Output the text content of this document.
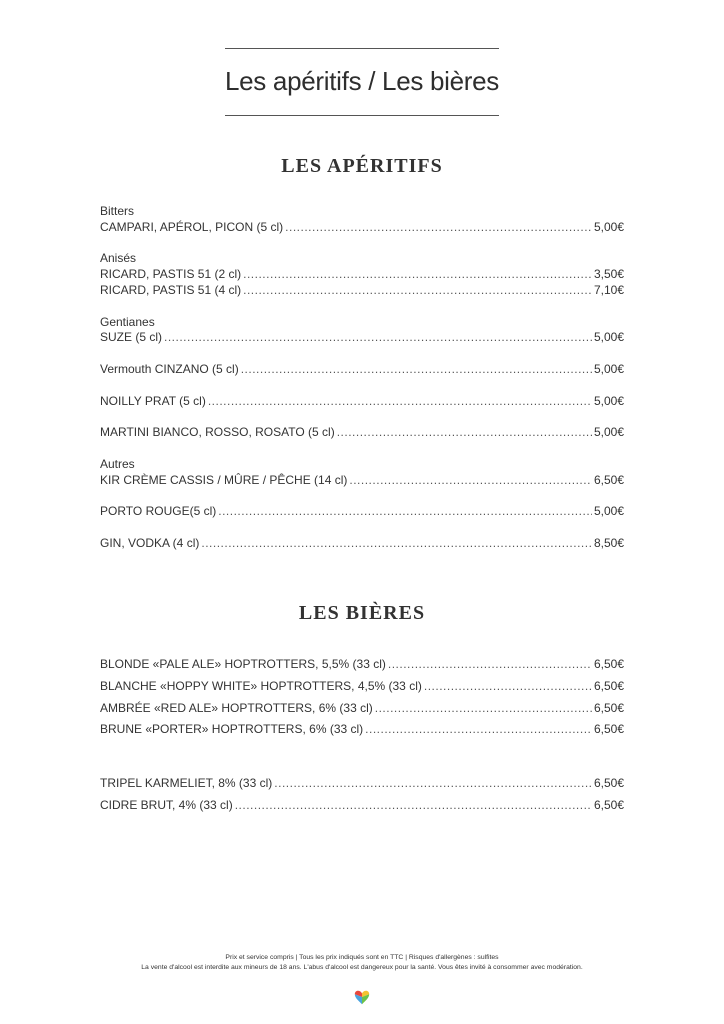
Les apéritifs / Les bières
LES APÉRITIFS
Bitters
CAMPARI, APÉROL, PICON (5 cl) .....	5,00€
Anisés
RICARD, PASTIS 51 (2 cl) .....	3,50€
RICARD, PASTIS 51 (4 cl) .....	7,10€
Gentianes
SUZE (5 cl) .....	5,00€
Vermouth CINZANO (5 cl) .....	5,00€
NOILLY PRAT (5 cl) .....	5,00€
MARTINI BIANCO, ROSSO, ROSATO (5 cl) .....	5,00€
Autres
KIR CRÈME CASSIS / MÛRE / PÊCHE (14 cl) .....	6,50€
PORTO ROUGE(5 cl) .....	5,00€
GIN, VODKA (4 cl) .....	8,50€
LES BIÈRES
BLONDE «PALE ALE» HOPTROTTERS, 5,5% (33 cl) .....	6,50€
BLANCHE «HOPPY WHITE» HOPTROTTERS, 4,5% (33 cl) .....	6,50€
AMBRÉE «RED ALE» HOPTROTTERS, 6% (33 cl) .....	6,50€
BRUNE «PORTER» HOPTROTTERS, 6% (33 cl) .....	6,50€
TRIPEL KARMELIET, 8% (33 cl) .....	6,50€
CIDRE BRUT, 4% (33 cl) .....	6,50€
Prix et service compris | Tous les prix indiqués sont en TTC | Risques d'allergènes : sulfites
La vente d'alcool est interdite aux mineurs de 18 ans. L'abus d'alcool est dangereux pour la santé. Vous êtes invité à consommer avec modération.
